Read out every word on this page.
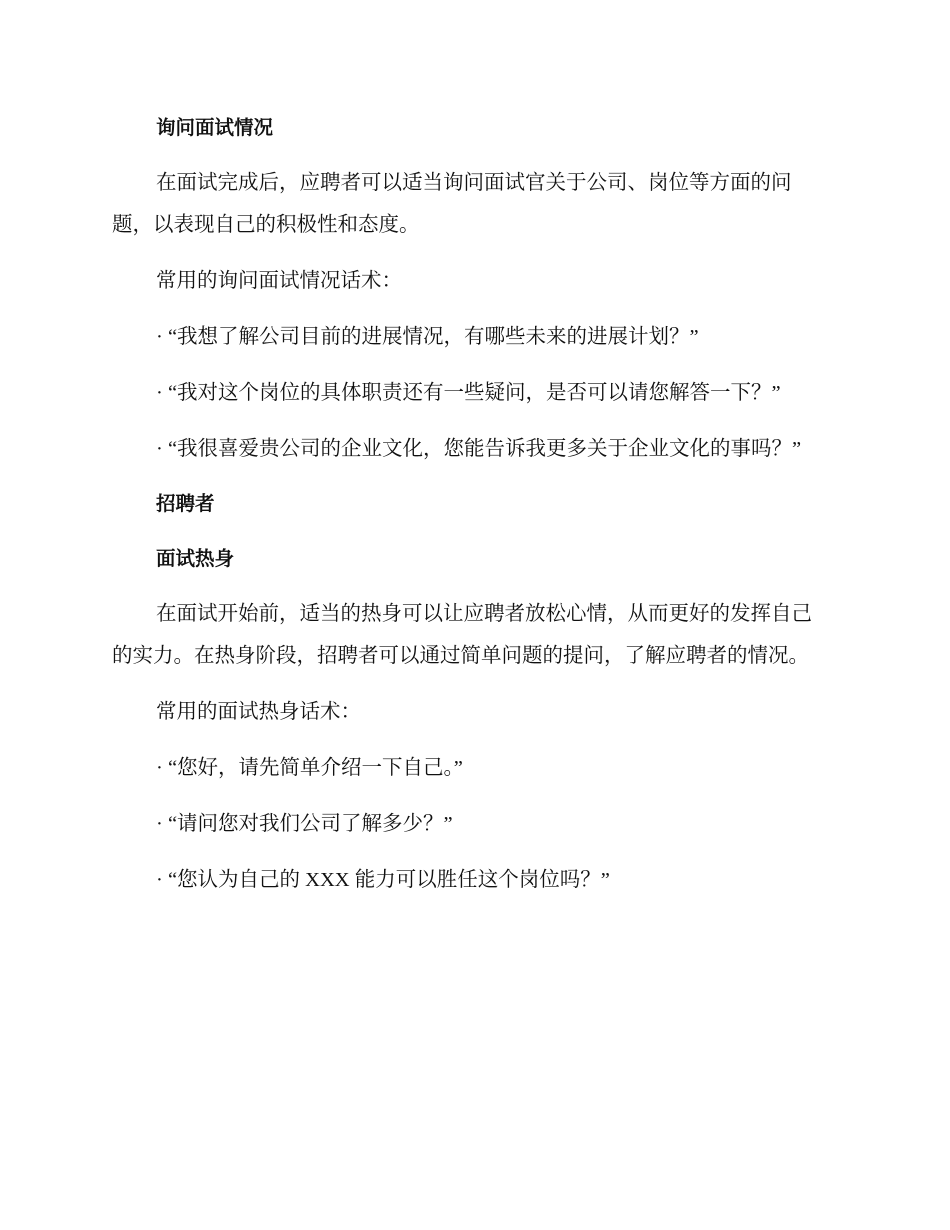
询问面试情况

在面试完成后，应聘者可以适当询问面试官关于公司、岗位等方面的问题，以表现自己的积极性和态度。

常用的询问面试情况话术：

· “我想了解公司目前的进展情况，有哪些未来的进展计划？”

· “我对这个岗位的具体职责还有一些疑问，是否可以请您解答一下？”

· “我很喜爱贵公司的企业文化，您能告诉我更多关于企业文化的事吗？”

招聘者
面试热身

在面试开始前，适当的热身可以让应聘者放松心情，从而更好的发挥自己的实力。在热身阶段，招聘者可以通过简单问题的提问，了解应聘者的情况。

常用的面试热身话术：

· “您好，请先简单介绍一下自己。”

· “请问您对我们公司了解多少？”

· “您认为自己的 XXX 能力可以胜任这个岗位吗？”
